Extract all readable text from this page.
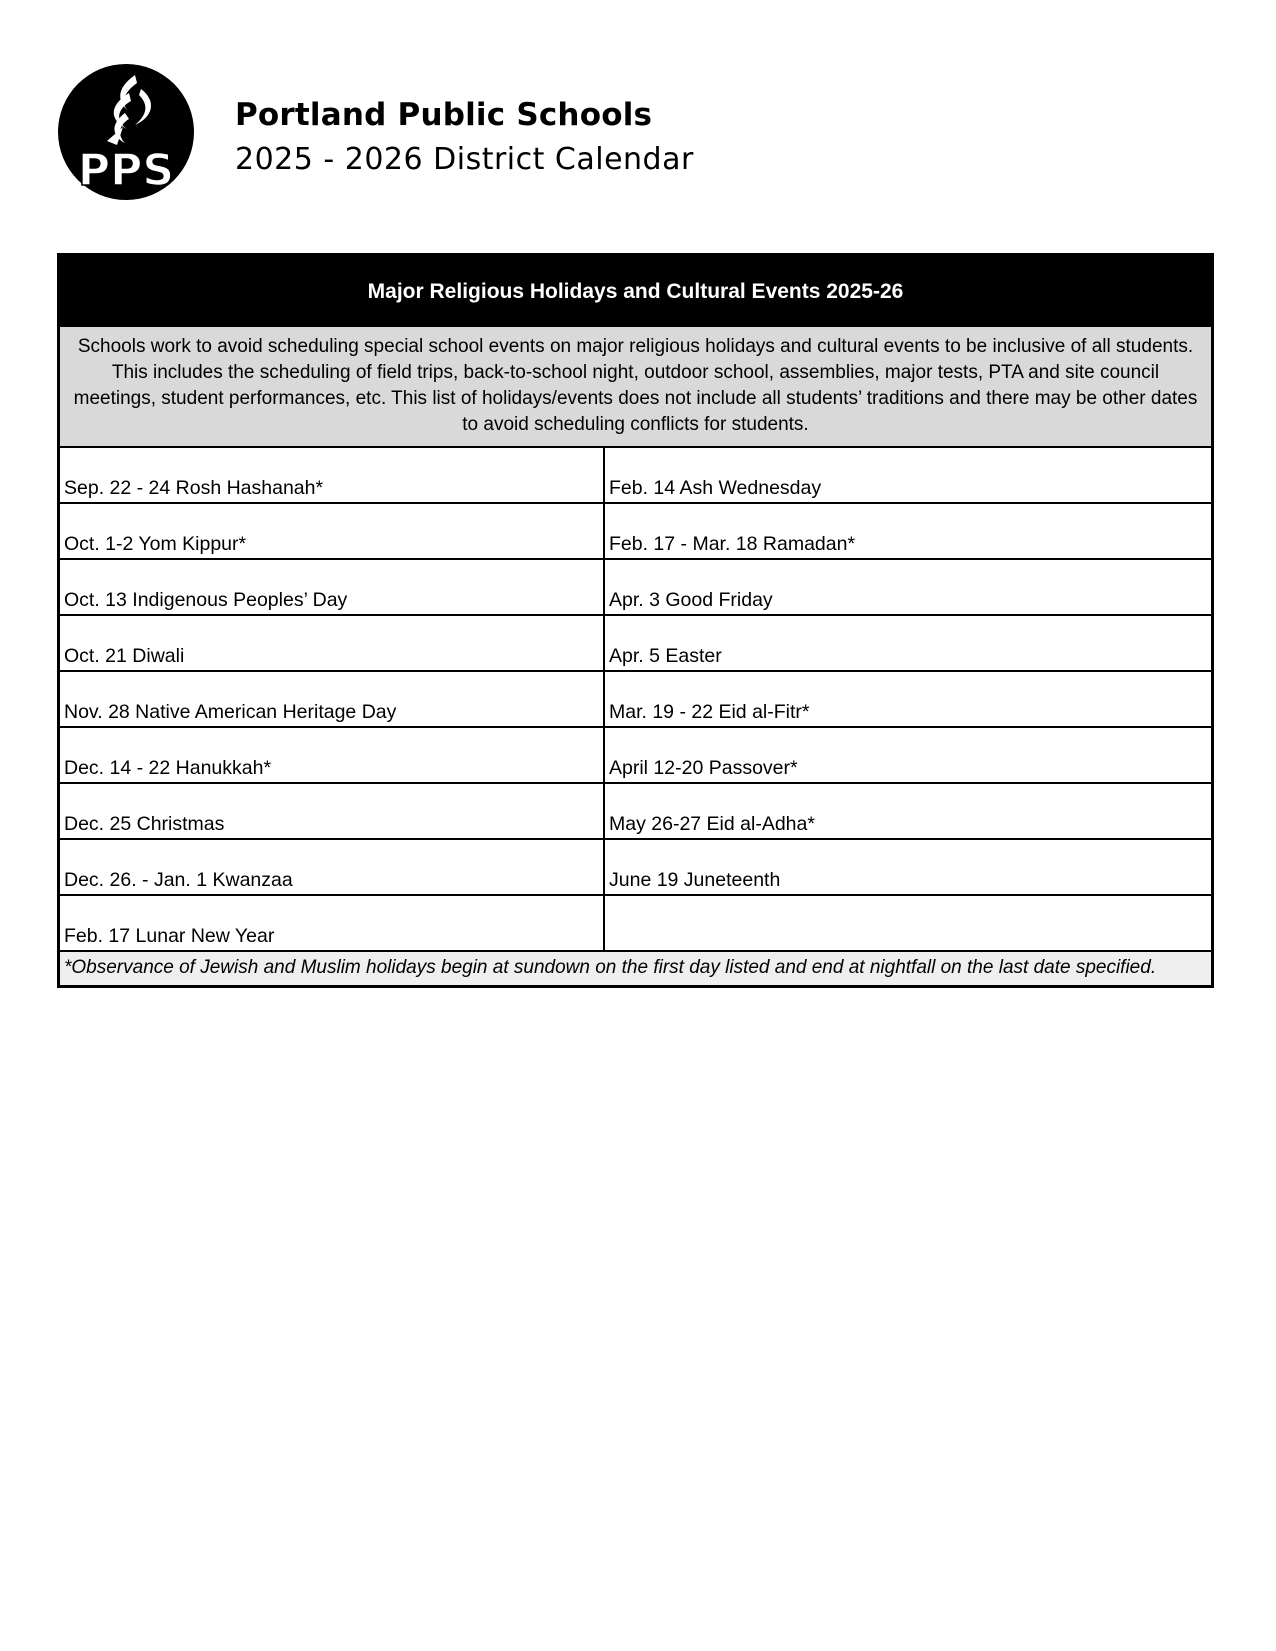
PPS
Portland Public Schools
2025 - 2026 District Calendar
Major Religious Holidays and Cultural Events 2025-26
Schools work to avoid scheduling special school events on major religious holidays and cultural events to be inclusive of all students. This includes the scheduling of field trips, back-to-school night, outdoor school, assemblies, major tests, PTA and site council meetings, student performances, etc. This list of holidays/events does not include all students’ traditions and there may be other dates to avoid scheduling conflicts for students.
Sep. 22 - 24 Rosh Hashanah*	Feb. 14 Ash Wednesday
Oct. 1-2 Yom Kippur*	Feb. 17 - Mar. 18 Ramadan*
Oct. 13 Indigenous Peoples’ Day	Apr. 3 Good Friday
Oct. 21 Diwali	Apr. 5 Easter
Nov. 28 Native American Heritage Day	Mar. 19 - 22 Eid al-Fitr*
Dec. 14 - 22 Hanukkah*	April 12-20 Passover*
Dec. 25 Christmas	May 26-27 Eid al-Adha*
Dec. 26. - Jan. 1 Kwanzaa	June 19 Juneteenth
Feb. 17 Lunar New Year
*Observance of Jewish and Muslim holidays begin at sundown on the first day listed and end at nightfall on the last date specified.
